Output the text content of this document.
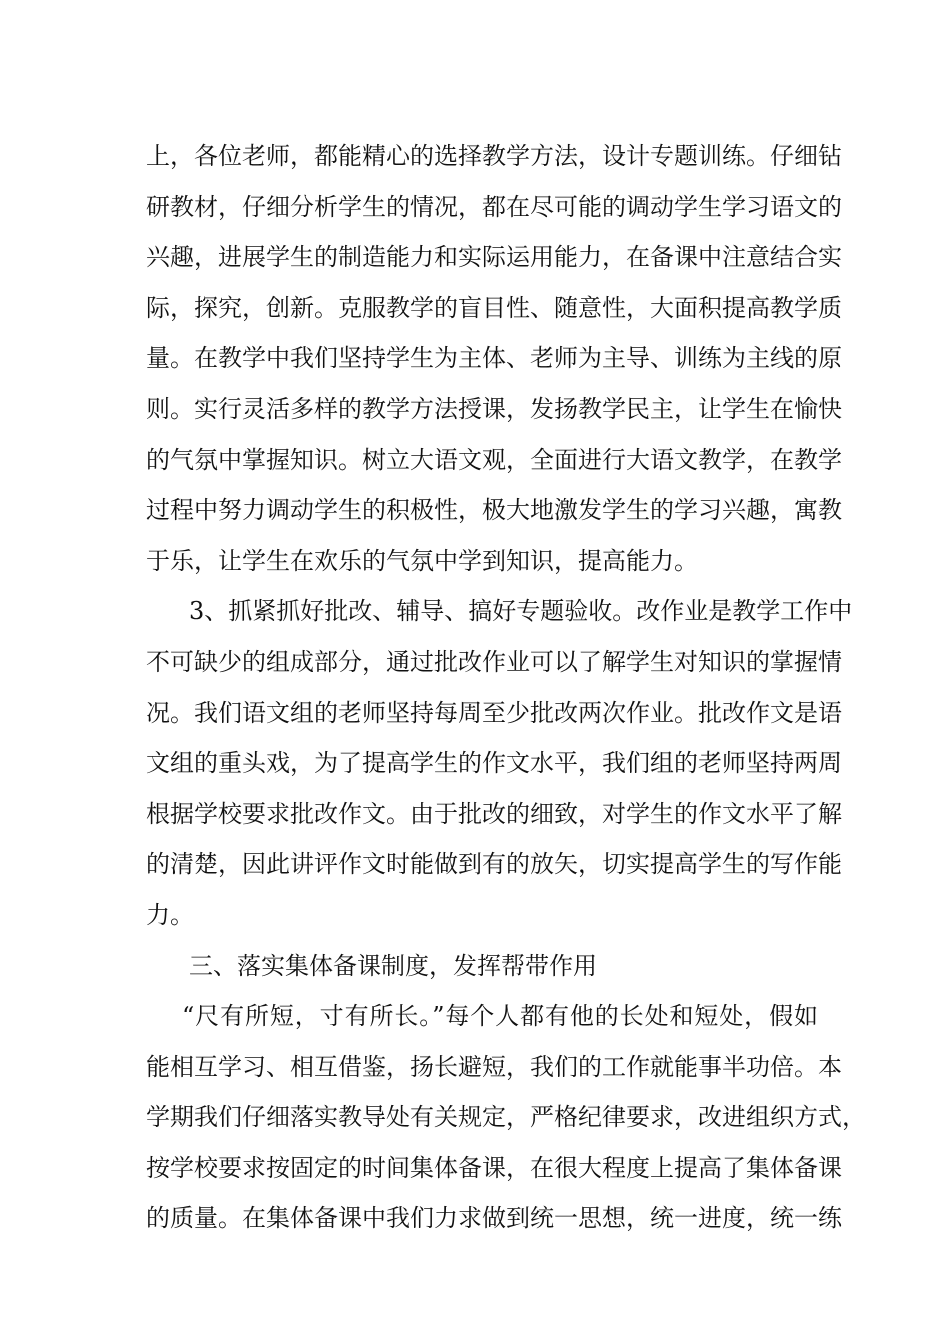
上，各位老师，都能精心的选择教学方法，设计专题训练。仔细钻
研教材，仔细分析学生的情况，都在尽可能的调动学生学习语文的
兴趣，进展学生的制造能力和实际运用能力，在备课中注意结合实
际，探究，创新。克服教学的盲目性、随意性，大面积提高教学质
量。在教学中我们坚持学生为主体、老师为主导、训练为主线的原
则。实行灵活多样的教学方法授课，发扬教学民主，让学生在愉快
的气氛中掌握知识。树立大语文观，全面进行大语文教学，在教学
过程中努力调动学生的积极性，极大地激发学生的学习兴趣，寓教
于乐，让学生在欢乐的气氛中学到知识，提高能力。
3、抓紧抓好批改、辅导、搞好专题验收。改作业是教学工作中
不可缺少的组成部分，通过批改作业可以了解学生对知识的掌握情
况。我们语文组的老师坚持每周至少批改两次作业。批改作文是语
文组的重头戏，为了提高学生的作文水平，我们组的老师坚持两周
根据学校要求批改作文。由于批改的细致，对学生的作文水平了解
的清楚，因此讲评作文时能做到有的放矢，切实提高学生的写作能
力。
三、落实集体备课制度，发挥帮带作用
“尺有所短，寸有所长。”每个人都有他的长处和短处，假如
能相互学习、相互借鉴，扬长避短，我们的工作就能事半功倍。本
学期我们仔细落实教导处有关规定，严格纪律要求，改进组织方式，
按学校要求按固定的时间集体备课，在很大程度上提高了集体备课
的质量。在集体备课中我们力求做到统一思想，统一进度，统一练
